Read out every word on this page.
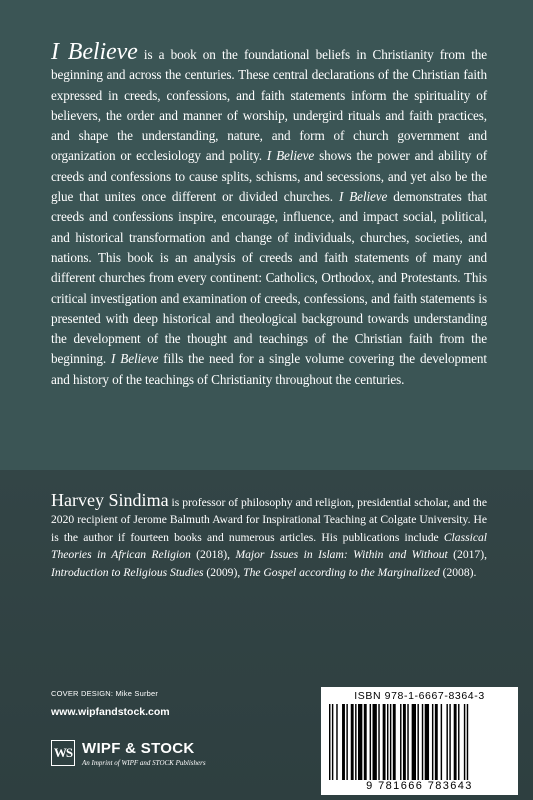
I Believe is a book on the foundational beliefs in Christianity from the beginning and across the centuries. These central declarations of the Christian faith expressed in creeds, confessions, and faith statements inform the spirituality of believers, the order and manner of worship, undergird rituals and faith practices, and shape the understanding, nature, and form of church government and organization or ecclesiology and polity. I Believe shows the power and ability of creeds and confessions to cause splits, schisms, and secessions, and yet also be the glue that unites once different or divided churches. I Believe demonstrates that creeds and confessions inspire, encourage, influence, and impact social, political, and historical transformation and change of individuals, churches, societies, and nations. This book is an analysis of creeds and faith statements of many and different churches from every continent: Catholics, Orthodox, and Protestants. This critical investigation and examination of creeds, confessions, and faith statements is presented with deep historical and theological background towards understanding the development of the thought and teachings of the Christian faith from the beginning. I Believe fills the need for a single volume covering the development and history of the teachings of Christianity throughout the centuries.

Harvey Sindima is professor of philosophy and religion, presidential scholar, and the 2020 recipient of Jerome Balmuth Award for Inspirational Teaching at Colgate University. He is the author if fourteen books and numerous articles. His publications include Classical Theories in African Religion (2018), Major Issues in Islam: Within and Without (2017), Introduction to Religious Studies (2009), The Gospel according to the Marginalized (2008).

COVER DESIGN: Mike Surber
www.wipfandstock.com
WS WIPF & STOCK
An Imprint of WIPF and STOCK Publishers
ISBN 978-1-6667-8364-3
9 781666 783643
